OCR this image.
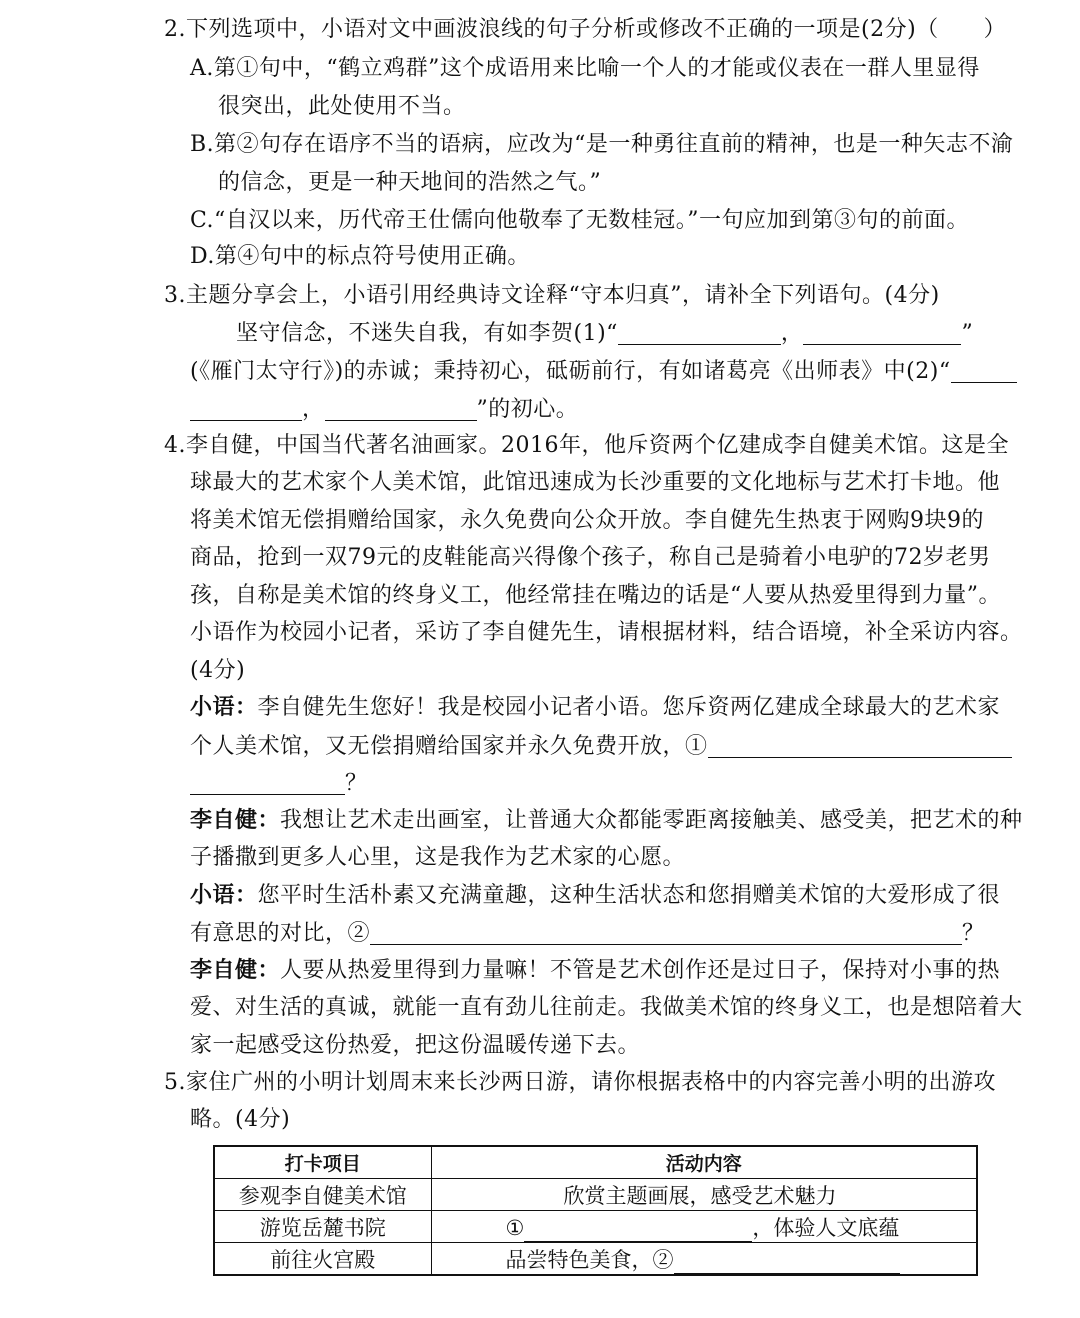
2.下列选项中，小语对文中画波浪线的句子分析或修改不正确的一项是(2分)（　　）
A.第①句中，“鹤立鸡群”这个成语用来比喻一个人的才能或仪表在一群人里显得
很突出，此处使用不当。
B.第②句存在语序不当的语病，应改为“是一种勇往直前的精神，也是一种矢志不渝
的信念，更是一种天地间的浩然之气。”
C.“自汉以来，历代帝王仕儒向他敬奉了无数桂冠。”一句应加到第③句的前面。
D.第④句中的标点符号使用正确。
3.主题分享会上，小语引用经典诗文诠释“守本归真”，请补全下列语句。(4分)
坚守信念，不迷失自我，有如李贺(1)“	，	”
(《雁门太守行》)的赤诚；秉持初心，砥砺前行，有如诸葛亮《出师表》中(2)“
，	”的初心。
4.李自健，中国当代著名油画家。2016年，他斥资两个亿建成李自健美术馆。这是全
球最大的艺术家个人美术馆，此馆迅速成为长沙重要的文化地标与艺术打卡地。他
将美术馆无偿捐赠给国家，永久免费向公众开放。李自健先生热衷于网购9块9的
商品，抢到一双79元的皮鞋能高兴得像个孩子，称自己是骑着小电驴的72岁老男
孩，自称是美术馆的终身义工，他经常挂在嘴边的话是“人要从热爱里得到力量”。
小语作为校园小记者，采访了李自健先生，请根据材料，结合语境，补全采访内容。
(4分)
小语：李自健先生您好！我是校园小记者小语。您斥资两亿建成全球最大的艺术家
个人美术馆，又无偿捐赠给国家并永久免费开放，①
？
李自健：我想让艺术走出画室，让普通大众都能零距离接触美、感受美，把艺术的种
子播撒到更多人心里，这是我作为艺术家的心愿。
小语：您平时生活朴素又充满童趣，这种生活状态和您捐赠美术馆的大爱形成了很
有意思的对比，②	？
李自健：人要从热爱里得到力量嘛！不管是艺术创作还是过日子，保持对小事的热
爱、对生活的真诚，就能一直有劲儿往前走。我做美术馆的终身义工，也是想陪着大
家一起感受这份热爱，把这份温暖传递下去。
5.家住广州的小明计划周末来长沙两日游，请你根据表格中的内容完善小明的出游攻
略。(4分)
打卡项目	活动内容
参观李自健美术馆	欣赏主题画展，感受艺术魅力
游览岳麓书院	① ，体验人文底蕴
前往火宫殿	品尝特色美食，②
